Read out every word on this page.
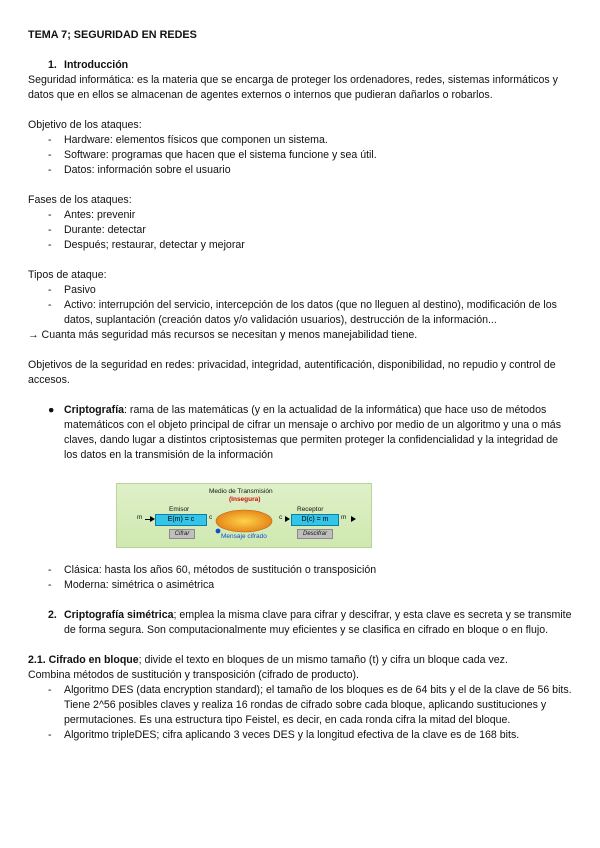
TEMA 7; SEGURIDAD EN REDES

1. Introducción

Seguridad informática: es la materia que se encarga de proteger los ordenadores, redes, sistemas informáticos y datos que en ellos se almacenan de agentes externos o internos que pudieran dañarlos o robarlos.

Objetivo de los ataques:

- Hardware: elementos físicos que componen un sistema.
- Software: programas que hacen que el sistema funcione y sea útil.
- Datos: información sobre el usuario

Fases de los ataques:

- Antes: prevenir
- Durante: detectar
- Después; restaurar, detectar y mejorar

Tipos de ataque:

- Pasivo
- Activo: interrupción del servicio, intercepción de los datos (que no lleguen al destino), modificación de los datos, suplantación (creación datos y/o validación usuarios), destrucción de la información...

→ Cuanta más seguridad más recursos se necesitan y menos manejabilidad tiene.

Objetivos de la seguridad en redes: privacidad, integridad, autentificación, disponibilidad, no repudio y control de accesos.

● Criptografía: rama de las matemáticas (y en la actualidad de la informática) que hace uso de métodos matemáticos con el objeto principal de cifrar un mensaje o archivo por medio de un algoritmo y una o más claves, dando lugar a distintos criptosistemas que permiten proteger la confidencialidad y la integridad de los datos en la transmisión de la información
- Clásica: hasta los años 60, métodos de sustitución o transposición
- Moderna: simétrica o asimétrica
2. Criptografía simétrica; emplea la misma clave para cifrar y descifrar, y esta clave es secreta y se transmite de forma segura. Son computacionalmente muy eficientes y se clasifica en cifrado en bloque o en flujo.

2.1. Cifrado en bloque; divide el texto en bloques de un mismo tamaño (t) y cifra un bloque cada vez.

Combina métodos de sustitución y transposición (cifrado de producto).

- Algoritmo DES (data encryption standard); el tamaño de los bloques es de 64 bits y el de la clave de 56 bits. Tiene 2^56 posibles claves y realiza 16 rondas de cifrado sobre cada bloque, aplicando sustituciones y permutaciones. Es una estructura tipo Feistel, es decir, en cada ronda cifra la mitad del bloque.
- Algoritmo tripleDES; cifra aplicando 3 veces DES y la longitud efectiva de la clave es de 168 bits.
Medio de Transmisión
(Insegura)
m
Emisor
E(m) = c
Cifrar
c
Mensaje cifrado
c
Receptor
D(c) = m
Descifrar
m
